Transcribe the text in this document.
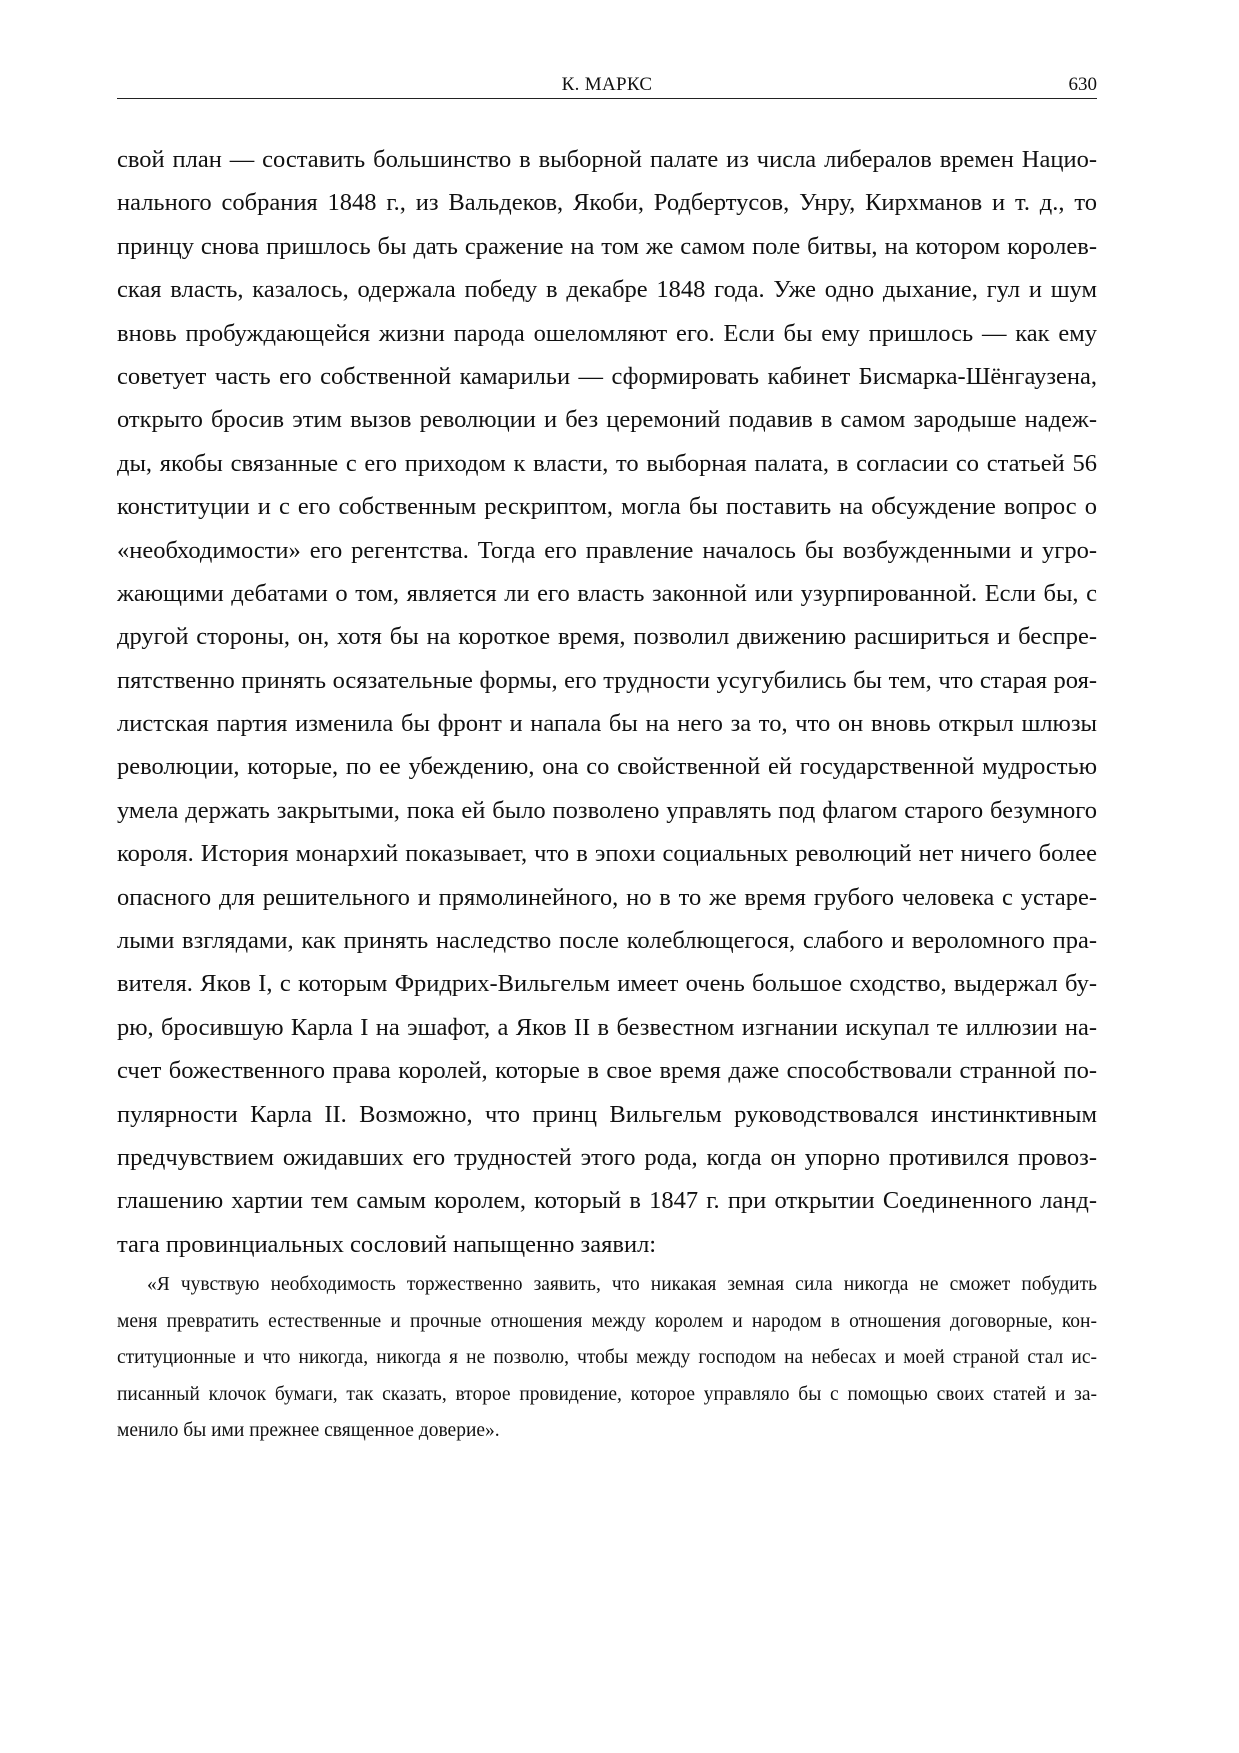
К. МАРКС	630
свой план — составить большинство в выборной палате из числа либералов времен Нацио-
нального собрания 1848 г., из Вальдеков, Якоби, Родбертусов, Унру, Кирхманов и т. д., то
принцу снова пришлось бы дать сражение на том же самом поле битвы, на котором королев-
ская власть, казалось, одержала победу в декабре 1848 года. Уже одно дыхание, гул и шум
вновь пробуждающейся жизни парода ошеломляют его. Если бы ему пришлось — как ему
советует часть его собственной камарильи — сформировать кабинет Бисмарка-Шёнгаузена,
открыто бросив этим вызов революции и без церемоний подавив в самом зародыше надеж-
ды, якобы связанные с его приходом к власти, то выборная палата, в согласии со статьей 56
конституции и с его собственным рескриптом, могла бы поставить на обсуждение вопрос о
«необходимости» его регентства. Тогда его правление началось бы возбужденными и угро-
жающими дебатами о том, является ли его власть законной или узурпированной. Если бы, с
другой стороны, он, хотя бы на короткое время, позволил движению расшириться и беспре-
пятственно принять осязательные формы, его трудности усугубились бы тем, что старая роя-
листская партия изменила бы фронт и напала бы на него за то, что он вновь открыл шлюзы
революции, которые, по ее убеждению, она со свойственной ей государственной мудростью
умела держать закрытыми, пока ей было позволено управлять под флагом старого безумного
короля. История монархий показывает, что в эпохи социальных революций нет ничего более
опасного для решительного и прямолинейного, но в то же время грубого человека с устаре-
лыми взглядами, как принять наследство после колеблющегося, слабого и вероломного пра-
вителя. Яков I, с которым Фридрих-Вильгельм имеет очень большое сходство, выдержал бу-
рю, бросившую Карла I на эшафот, а Яков II в безвестном изгнании искупал те иллюзии на-
счет божественного права королей, которые в свое время даже способствовали странной по-
пулярности Карла II. Возможно, что принц Вильгельм руководствовался инстинктивным
предчувствием ожидавших его трудностей этого рода, когда он упорно противился провоз-
глашению хартии тем самым королем, который в 1847 г. при открытии Соединенного ланд-
тага провинциальных сословий напыщенно заявил:
«Я чувствую необходимость торжественно заявить, что никакая земная сила никогда не сможет побудить
меня превратить естественные и прочные отношения между королем и народом в отношения договорные, кон-
ституционные и что никогда, никогда я не позволю, чтобы между господом на небесах и моей страной стал ис-
писанный клочок бумаги, так сказать, второе провидение, которое управляло бы с помощью своих статей и за-
менило бы ими прежнее священное доверие».
